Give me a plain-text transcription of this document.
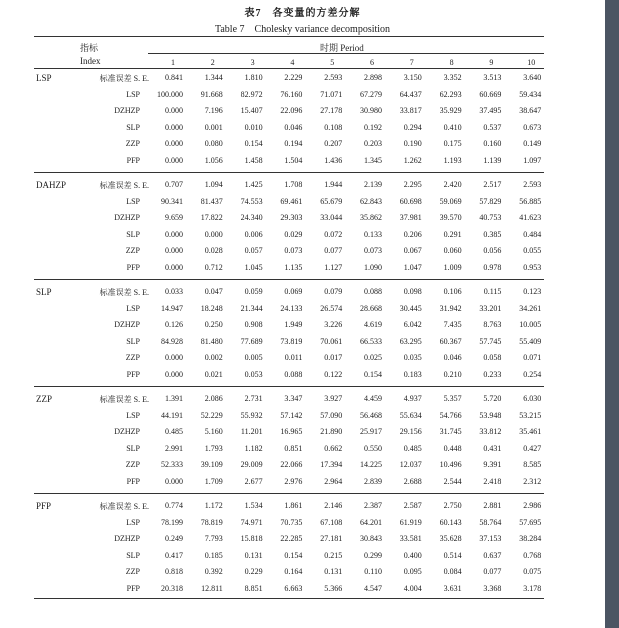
表7　各变量的方差分解
Table 7　Cholesky variance decomposition
指标	时期 Period
Index	1	2	3	4	5	6	7	8	9	10
LSP	标准误差 S. E.	0.841	1.344	1.810	2.229	2.593	2.898	3.150	3.352	3.513	3.640
LSP	100.000	91.668	82.972	76.160	71.071	67.279	64.437	62.293	60.669	59.434
DZHZP	0.000	7.196	15.407	22.096	27.178	30.980	33.817	35.929	37.495	38.647
SLP	0.000	0.001	0.010	0.046	0.108	0.192	0.294	0.410	0.537	0.673
ZZP	0.000	0.080	0.154	0.194	0.207	0.203	0.190	0.175	0.160	0.149
PFP	0.000	1.056	1.458	1.504	1.436	1.345	1.262	1.193	1.139	1.097
DAHZP	标准误差 S. E.	0.707	1.094	1.425	1.708	1.944	2.139	2.295	2.420	2.517	2.593
LSP	90.341	81.437	74.553	69.461	65.679	62.843	60.698	59.069	57.829	56.885
DZHZP	9.659	17.822	24.340	29.303	33.044	35.862	37.981	39.570	40.753	41.623
SLP	0.000	0.000	0.006	0.029	0.072	0.133	0.206	0.291	0.385	0.484
ZZP	0.000	0.028	0.057	0.073	0.077	0.073	0.067	0.060	0.056	0.055
PFP	0.000	0.712	1.045	1.135	1.127	1.090	1.047	1.009	0.978	0.953
SLP	标准误差 S. E.	0.033	0.047	0.059	0.069	0.079	0.088	0.098	0.106	0.115	0.123
LSP	14.947	18.248	21.344	24.133	26.574	28.668	30.445	31.942	33.201	34.261
DZHZP	0.126	0.250	0.908	1.949	3.226	4.619	6.042	7.435	8.763	10.005
SLP	84.928	81.480	77.689	73.819	70.061	66.533	63.295	60.367	57.745	55.409
ZZP	0.000	0.002	0.005	0.011	0.017	0.025	0.035	0.046	0.058	0.071
PFP	0.000	0.021	0.053	0.088	0.122	0.154	0.183	0.210	0.233	0.254
ZZP	标准误差 S. E.	1.391	2.086	2.731	3.347	3.927	4.459	4.937	5.357	5.720	6.030
LSP	44.191	52.229	55.932	57.142	57.090	56.468	55.634	54.766	53.948	53.215
DZHZP	0.485	5.160	11.201	16.965	21.890	25.917	29.156	31.745	33.812	35.461
SLP	2.991	1.793	1.182	0.851	0.662	0.550	0.485	0.448	0.431	0.427
ZZP	52.333	39.109	29.009	22.066	17.394	14.225	12.037	10.496	9.391	8.585
PFP	0.000	1.709	2.677	2.976	2.964	2.839	2.688	2.544	2.418	2.312
PFP	标准误差 S. E.	0.774	1.172	1.534	1.861	2.146	2.387	2.587	2.750	2.881	2.986
LSP	78.199	78.819	74.971	70.735	67.108	64.201	61.919	60.143	58.764	57.695
DZHZP	0.249	7.793	15.818	22.285	27.181	30.843	33.581	35.628	37.153	38.284
SLP	0.417	0.185	0.131	0.154	0.215	0.299	0.400	0.514	0.637	0.768
ZZP	0.818	0.392	0.229	0.164	0.131	0.110	0.095	0.084	0.077	0.075
PFP	20.318	12.811	8.851	6.663	5.366	4.547	4.004	3.631	3.368	3.178
